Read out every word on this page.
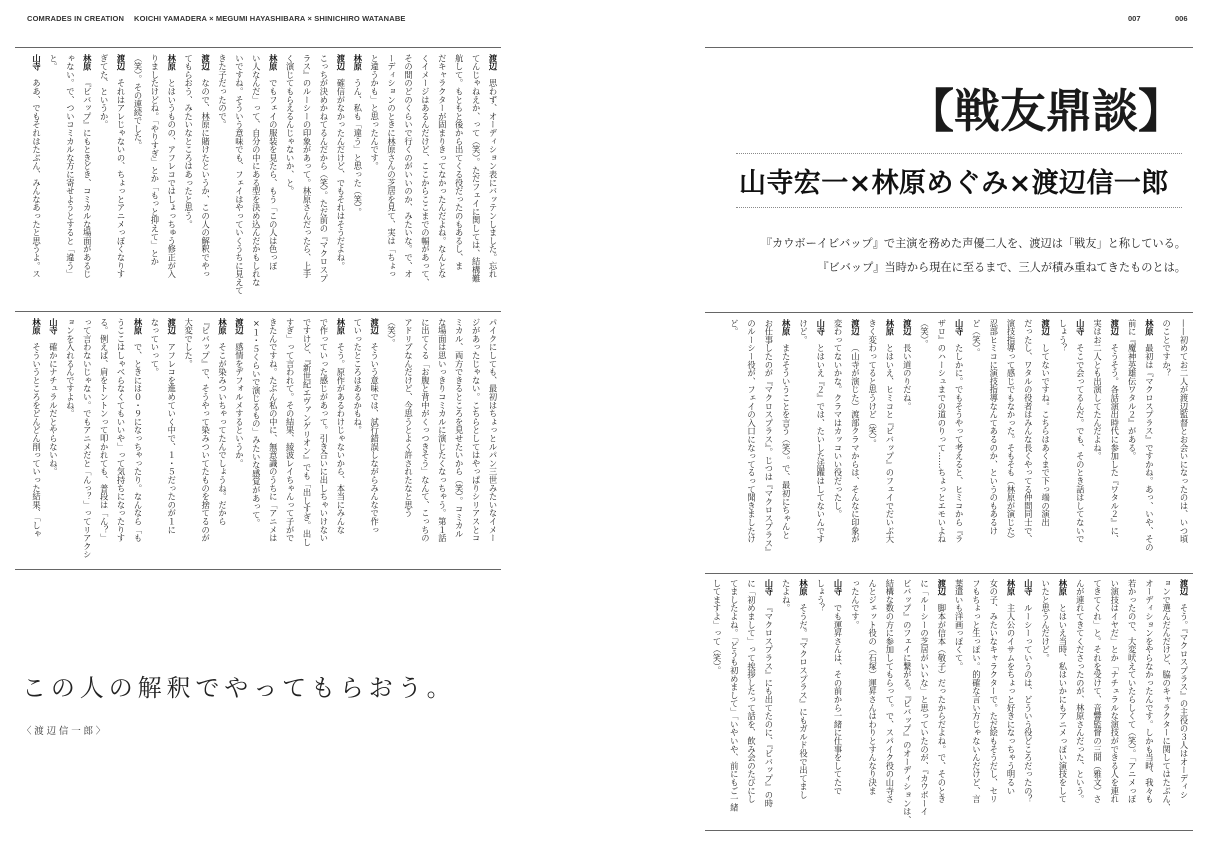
COMRADES IN CREATION KOICHI YAMADERA × MEGUMI HAYASHIBARA × SHINICHIRO WATANABE	007	006
【戦友鼎談】
山寺宏一×林原めぐみ×渡辺信一郎
『カウボーイビバップ』で主演を務めた声優二人を、渡辺は「戦友」と称している。
『ビバップ』当時から現在に至るまで、三人が積み重ねてきたものとは。
——初めてお二人が渡辺監督とお会いになったのは、いつ頃
のことですか？
林原最初は『マクロスプラス』ですかね。あっ、いや、その
前に『魔神英雄伝ワタル２』がある。
渡辺そうそう。各話演出時代に参加した『ワタル２』に、
実はお二人とも出演してたんだよね。
山寺そこで会ってるんだ。でも、そのとき話はしてないで
しょう？
渡辺してないですね。こちらはあくまで下っ端の演出
だったし、ワタルの役者はみんな長くやってる仲間同士で、
演技指導って感じでもなかった。そもそも（林原が演じた）
忍部ヒミコに演技指導なんてあるのか、というのもあるけ
ど（笑）。
山寺たしかに。でもそうやって考えると、ヒミコから『ラ
ザロ』のハーシュまでの道のりって……ちょっとエモいよね
（笑）。
渡辺長い道のりだね。
林原とはいえ、ヒミコと『ビバップ』のフェイでだいぶ大
きく変わってると思うけど（笑）。
渡辺（山寺が演じた）渡部クラマからは、そんなに印象が
変わってないかな。クラマはカッコいい役だったし。
山寺とはいえ『２』では、たいした活躍はしてないんです
けど。
林原またそういうことを言う（笑）。で、最初にちゃんと
お仕事したのが『マクロスプラス』。じつは『マクロスプラス』
のルーシー役が、フェイの入口になってるって聞きましたけ
ど。
渡辺そう。『マクロスプラス』の主役の３人はオーディシ
ョンで選んだんだけど、脇のキャラクターに関してはたぶん、
オーディションをやらなかったんです。しかも当時、我々も
若かったので、大変吠えていたらしくて（笑）。「アニメっぽ
い演技はイヤだ」とか「ナチュラルな演技ができる人を連れ
てきてくれ」と。それを受けて、音響監督の三間（雅文）さ
んが連れてきてくださったのが、林原さんだった、という。
林原とはいえ当時、私はいかにもアニメっぽい演技をして
いたと思うんだけど。
山寺ルーシーっていうのは、どういう役どころだったの？
林原主人公のイサムをちょっと好きになっちゃう明るい
女の子、みたいなキャラクターで。ただ絵もそうだし、セリ
フもちょっと生っぽい。的確な言い方じゃないんだけど、言
葉遣いも洋画っぽくて。
渡辺脚本が信本（敬子）だったからだよね。で、そのとき
に「ルーシーの芝居がいいな」と思っていたのが、『カウボーイ
ビバップ』のフェイに繋がる。『ビバップ』のオーディションは、
結構な数の方に参加してもらって。で、スパイク役の山寺さ
んとジェット役の（石塚）運昇さんはわりとすんなり決ま
ったんです。
山寺でも運昇さんは、その前から一緒に仕事をしてたで
しょう？
林原そうだ。『マクロスプラス』にもガルド役で出てまし
たよね。
山寺『マクロスプラス』にも出てたのに、『ビバップ』の時
に「初めまして」って挨拶したって話を、飲み会のたびにし
てましたよね。「どうも初めまして」「いやいや、前にもご一緒
してますよ」って（笑）。
渡辺思わず、オーディション表にバッテンしました。忘れ
てんじゃねえか、って（笑）。ただフェイに関しては、結構難
航して。もともと後から出てくる役だったのもあるし、ま
だキャラクターが固まりきってなかったんだよね。なんとな
くイメージはあるんだけど、ここからここまでの幅があって、
その間のどのくらいで行くのがいいのか、みたいな。で、オ
ーディションのときに林原さんの芝居を見て、実は「ちょっ
と違うかも」と思ったんです。
林原うん、私も「違う」と思った（笑）。
渡辺確信がなかったんだけど、でもそれはそうだよね。
こっちが決めかねてるんだから（笑）。ただ前の『マクロスプ
ラス』のルーシーの印象があって。林原さんだったら、上手
く演じてもらえるんじゃないか、と。
林原でもフェイの服装を見たら、もう「この人は色っぽ
い人なんだ」って、自分の中にある型を決め込んだかもしれな
いですね。そういう意味でも、フェイはやっていくうちに見えて
きた子だったので。
渡辺なので、林原に賭けたというか、この人の解釈でやっ
てもらおう、みたいなところはあったと思う。
林原とはいうものの、アフレコではしょっちゅう修正が入
りましたけどね。「やりすぎ」とか「もっと抑えて」とか
（笑）。その連続でした。
渡辺それはアレじゃないの、ちょっとアニメっぽくなりす
ぎてた、というか。
林原『ビバップ』にもときどき、コミカルな場面があるじ
ゃない。で、ついコミカルな方に寄せようとすると「違う」
と。
山寺ああ、でもそれはたぶん、みんなあったと思うよ。ス
パイクにしても、最初はちょっとルパン三世みたいなイメー
ジがあったじゃない。こちらとしてはやっぱりシリアスとコ
ミカル、両方できるところを見せたいから（笑）。コミカル
な場面は思いっきりコミカルに演じたくなっちゃう。第１話
に出てくる「お腹と背中がくっつきそう」なんて、こっちの
アドリブなんだけど、今思うとよく許されたなと思う
（笑）。
渡辺そういう意味では、試行錯誤しながらみんなで作っ
ていったところはあるかもね。
林原そう。原作があるわけじゃないから、本当にみんな
で作っていった感じがあって。引き合いに出しちゃいけない
ですけど、『新世紀エヴァンゲリオン』でも「出しすぎ。出し
すぎ」って言われて。その結果、綾波レイちゃんって子がで
きたんですね。たぶん私の中に、無意識のうちに「アニメは
×１・５くらいで演じるもの」みたいな感覚があって。
渡辺感情をデフォルメするというか。
林原そこが染みついちゃってたんでしょうね。だから
『ビバップ』で、そうやって染みついてたものを捨てるのが
大変でした。
渡辺アフレコを進めていく中で、１・５だったのが１に
なっていって。
林原で、ときには０・９になっちゃったり。なんなら「も
うここはしゃべらなくてもいいや」って気持ちになったりす
る。例えば、肩をトントンって叩かれても、普段は「ん？」
って言わないじゃない。でもアニメだと「んっ？」ってリアクシ
ョンを入れるんですよね。
山寺確かにナチュラルだとやらないね。
林原そういうところをどんどん削っていった結果、「しゃ
この人の解釈でやってもらおう。
〈渡辺信一郎〉
